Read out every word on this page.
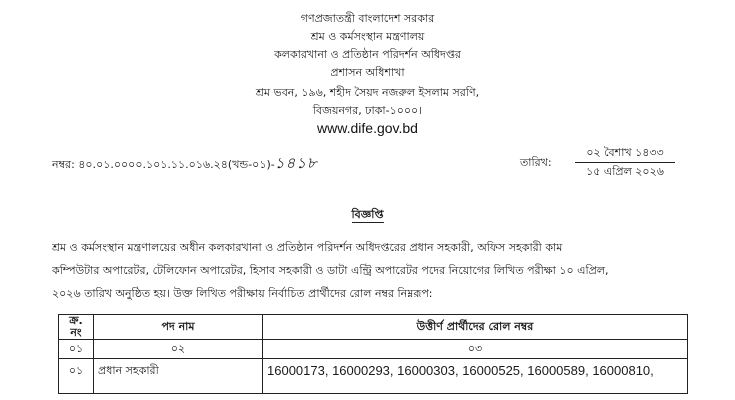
গণপ্রজাতন্ত্রী বাংলাদেশ সরকার
শ্রম ও কর্মসংস্থান মন্ত্রণালয়
কলকারখানা ও প্রতিষ্ঠান পরিদর্শন অধিদপ্তর
প্রশাসন অধিশাখা
শ্রম ভবন, ১৯৬, শহীদ সৈয়দ নজরুল ইসলাম সরণি,
বিজয়নগর, ঢাকা-১০০০।
www.dife.gov.bd
নম্বর: ৪০.০১.০০০০.১০১.১১.০১৬.২৪(খন্ড-০১)-১৪১৮	তারিখ:
০২ বৈশাখ ১৪৩৩
১৫ এপ্রিল ২০২৬
বিজ্ঞপ্তি
শ্রম ও কর্মসংস্থান মন্ত্রণালয়ের অধীন কলকারখানা ও প্রতিষ্ঠান পরিদর্শন অধিদপ্তরের প্রধান সহকারী, অফিস সহকারী কাম
কম্পিউটার অপারেটর, টেলিফোন অপারেটর, হিসাব সহকারী ও ডাটা এন্ট্রি অপারেটর পদের নিয়োগের লিখিত পরীক্ষা ১০ এপ্রিল,
২০২৬ তারিখ অনুষ্ঠিত হয়। উক্ত লিখিত পরীক্ষায় নির্বাচিত প্রার্থীদের রোল নম্বর নিম্নরূপ:
ক্র. নং	পদ নাম	উত্তীর্ণ প্রার্থীদের রোল নম্বর
০১	০২	০৩
০১	প্রধান সহকারী	16000173, 16000293, 16000303, 16000525, 16000589, 16000810,
